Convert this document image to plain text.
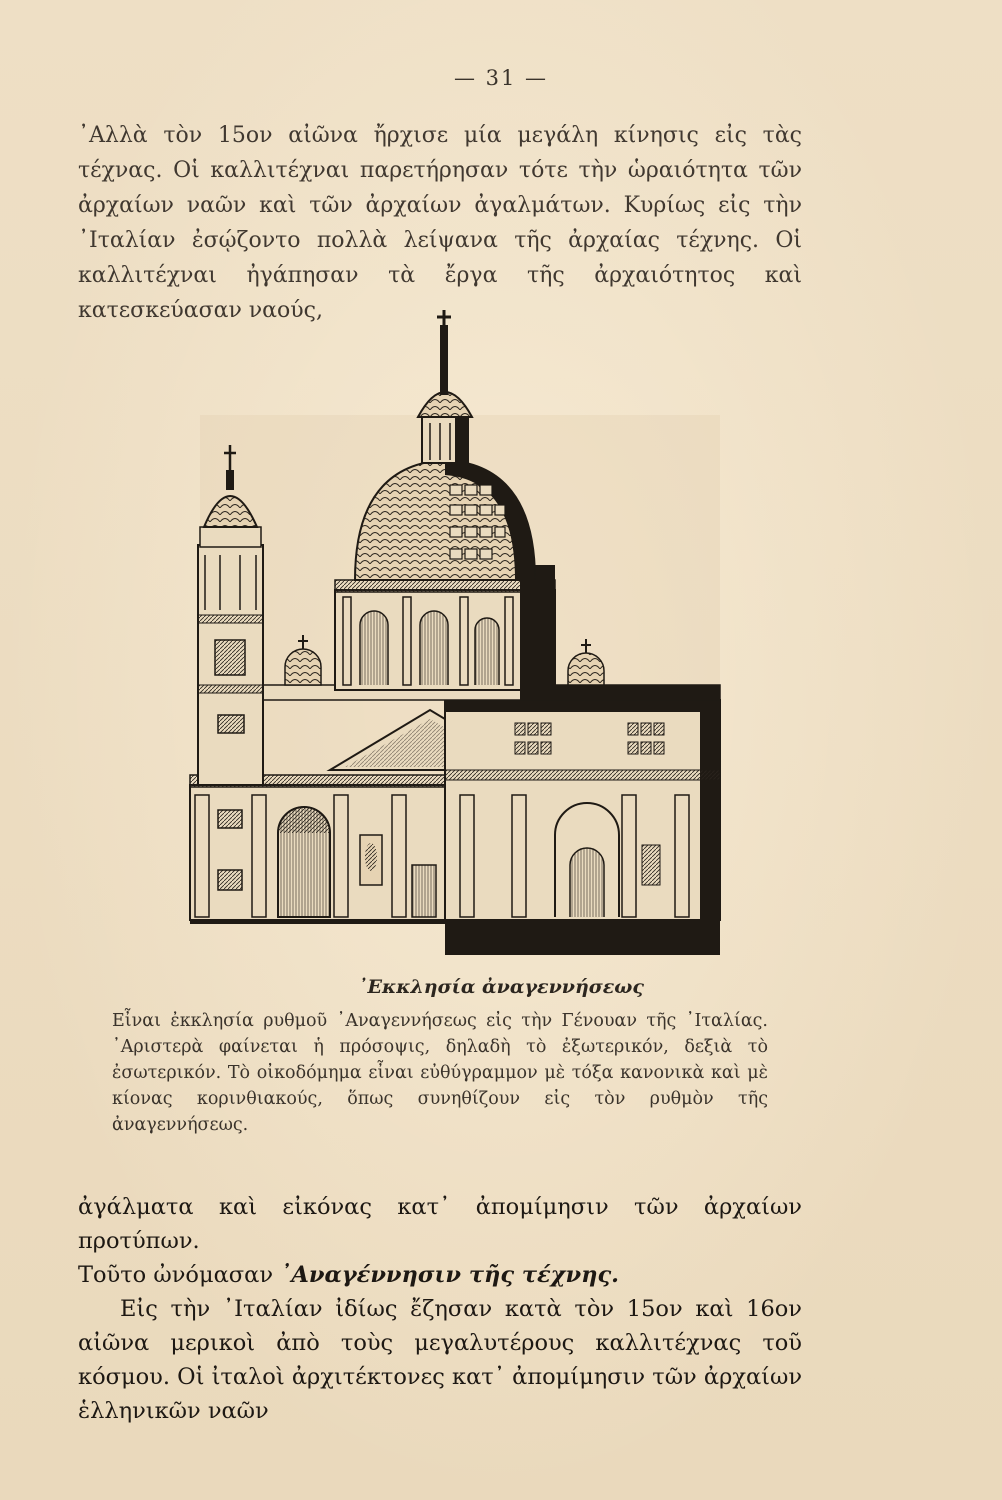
— 31 —
᾿Αλλὰ τὸν 15ον αἰῶνα ἤρχισε μία μεγάλη κίνησις εἰς τὰς τέχνας. Οἱ καλλιτέχναι παρετήρησαν τότε τὴν ὡραιότητα τῶν ἀρχαίων ναῶν καὶ τῶν ἀρχαίων ἀγαλμάτων. Κυρίως εἰς τὴν ᾿Ιταλίαν ἐσῴζοντο πολλὰ λείψανα τῆς ἀρχαίας τέχνης. Οἱ καλλιτέχναι ἠγάπησαν τὰ ἔργα τῆς ἀρχαιότητος καὶ κατεσκεύασαν ναούς,
᾿Εκκλησία ἀναγεννήσεως
Εἶναι ἐκκλησία ρυθμοῦ ᾿Αναγεννήσεως εἰς τὴν Γένουαν τῆς ᾿Ιταλίας. ᾿Αριστερὰ φαίνεται ἡ πρόσοψις, δηλαδὴ τὸ ἐξωτερικόν, δεξιὰ τὸ ἐσωτερικόν. Τὸ οἰκοδόμημα εἶναι εὐθύγραμμον μὲ τόξα κανονικὰ καὶ μὲ κίονας κορινθιακούς, ὅπως συνηθίζουν εἰς τὸν ρυθμὸν τῆς ἀναγεννήσεως.
ἀγάλματα καὶ εἰκόνας κατ᾿ ἀπομίμησιν τῶν ἀρχαίων προτύπων.
Τοῦτο ὠνόμασαν ᾿Αναγέννησιν τῆς τέχνης.
Εἰς τὴν ᾿Ιταλίαν ἰδίως ἔζησαν κατὰ τὸν 15ον καὶ 16ον αἰῶνα μερικοὶ ἀπὸ τοὺς μεγαλυτέρους καλλιτέχνας τοῦ κόσμου. Οἱ ἰταλοὶ ἀρχιτέκτονες κατ᾿ ἀπομίμησιν τῶν ἀρχαίων ἑλληνικῶν ναῶν
